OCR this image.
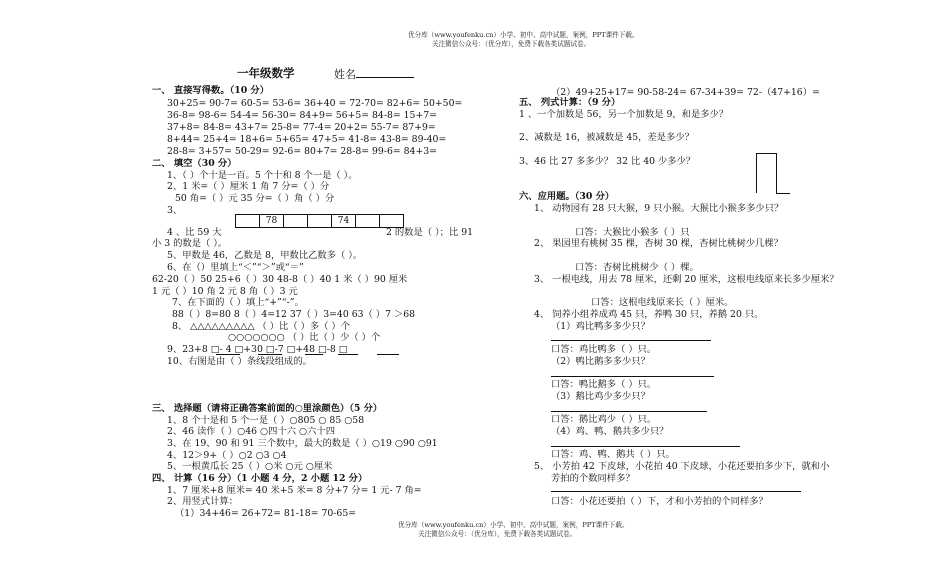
优分库（www.youfenku.cn）小学、初中、高中试题，案例，PPT课件下载。
关注微信公众号：（优分库），免费下载各类试题试卷。
优分库（www.youfenku.cn）小学、初中、高中试题，案例，PPT课件下载。
关注微信公众号：（优分库），免费下载各类试题试卷。
一年级数学	姓名
一、 直接写得数。（10 分）
30+25= 90-7= 60-5= 53-6= 36+40 = 72-70= 82+6= 50+50=
36-8= 98-6= 54-4= 56-30= 84+9= 56+5= 84-8= 15+7=
37+8= 84-8= 43+7= 25-8= 77-4= 20+2= 55-7= 87+9=
8+44= 25+4= 18+6= 5+65= 47+5= 41-8= 43-8= 89-40=
28-8= 3+57= 50-29= 92-6= 80+7= 28-8= 99-6= 84+3=
二、 填空（30 分）
1、（ ）个十是一百。5 个十和 8 个一是（ ）。
2、1 米=（ ）厘米 1 角 7 分=（ ）分
50 角=（ ）元 35 分=（ ）角（ ）分
3、
78	74
4 、比 59 大	2 的数是（ ）；比 91
小 3 的数是（ ）。
5、甲数是 46，乙数是 8，甲数比乙数多（ ）。
6、在（）里填上“＜”“＞”或“＝”
62-20（ ）50 25+6（ ）30 48-8（ ）40 1 米（ ）90 厘米
1 元（ ）10 角 2 元 8 角（ ）3 元
7、在下面的（ ）填上“+”“-”。
88（ ）8=80 8（ ）4=12 37（ ）3=40 63（ ）7 ＞68
8、 △△△△△△△△△ （ ）比（ ）多（ ）个
○○○○○○○ （ ）比（ ）少（ ）个
9、23+8 □- 4 □+30 □-7 □+48 □-8 □
10、右图是由（ ）条线段组成的。
三、 选择题（请将正确答案前面的○里涂颜色）（5 分）
1、8 个十是和 5 个一是（ ）○805 ○ 85 ○58
2、46 读作（ ）○46 ○四十六 ○六十四
3、在 19、90 和 91 三个数中，最大的数是（ ）○19 ○90 ○91
4、12＞9+（ ）○2 ○3 ○4
5、一根黄瓜长 25（ ）○米 ○元 ○厘米
四、 计算（16 分）（1 小题 4 分，2 小题 12 分）
1、7 厘米+8 厘米= 40 米+5 米= 8 分+7 分= 1 元- 7 角=
2、用竖式计算：
（1）34+46= 26+72= 81-18= 70-65=
（2）49+25+17= 90-58-24= 67-34+39= 72-（47+16）=
五、 列式计算：（9 分）
1 、一个加数是 56，另一个加数是 9，和是多少？
2、减数是 16，被减数是 45，差是多少？
3、46 比 27 多多少？ 32 比 40 少多少？
六、应用题。（30 分）
1、 动物园有 28 只大猴，9 只小猴。大猴比小猴多多少只？
口答：大猴比小猴多（ ）只
2、 果园里有桃树 35 棵，杏树 30 棵，杏树比桃树少几棵？
口答：杏树比桃树少（ ）棵。
3、 一根电线，用去 78 厘米，还剩 20 厘米，这根电线原来长多少厘米？
口答：这根电线原来长（ ）厘米。
4、 饲养小组养成鸡 45 只，养鸭 30 只，养鹅 20 只。
（1）鸡比鸭多多少只？
口答：鸡比鸭多（ ）只。
（2）鸭比鹅多多少只？
口答：鸭比鹅多（ ）只。
（3）鹅比鸡少多少只？
口答：鹅比鸡少（ ）只。
（4）鸡、鸭、鹅共多少只？
口答：鸡、鸭、鹅共（ ）只。
5、 小芳拍 42 下皮球，小花拍 40 下皮球，小花还要拍多少下，就和小
芳拍的个数同样多？
口答：小花还要拍（ ）下，才和小芳拍的个同样多？
